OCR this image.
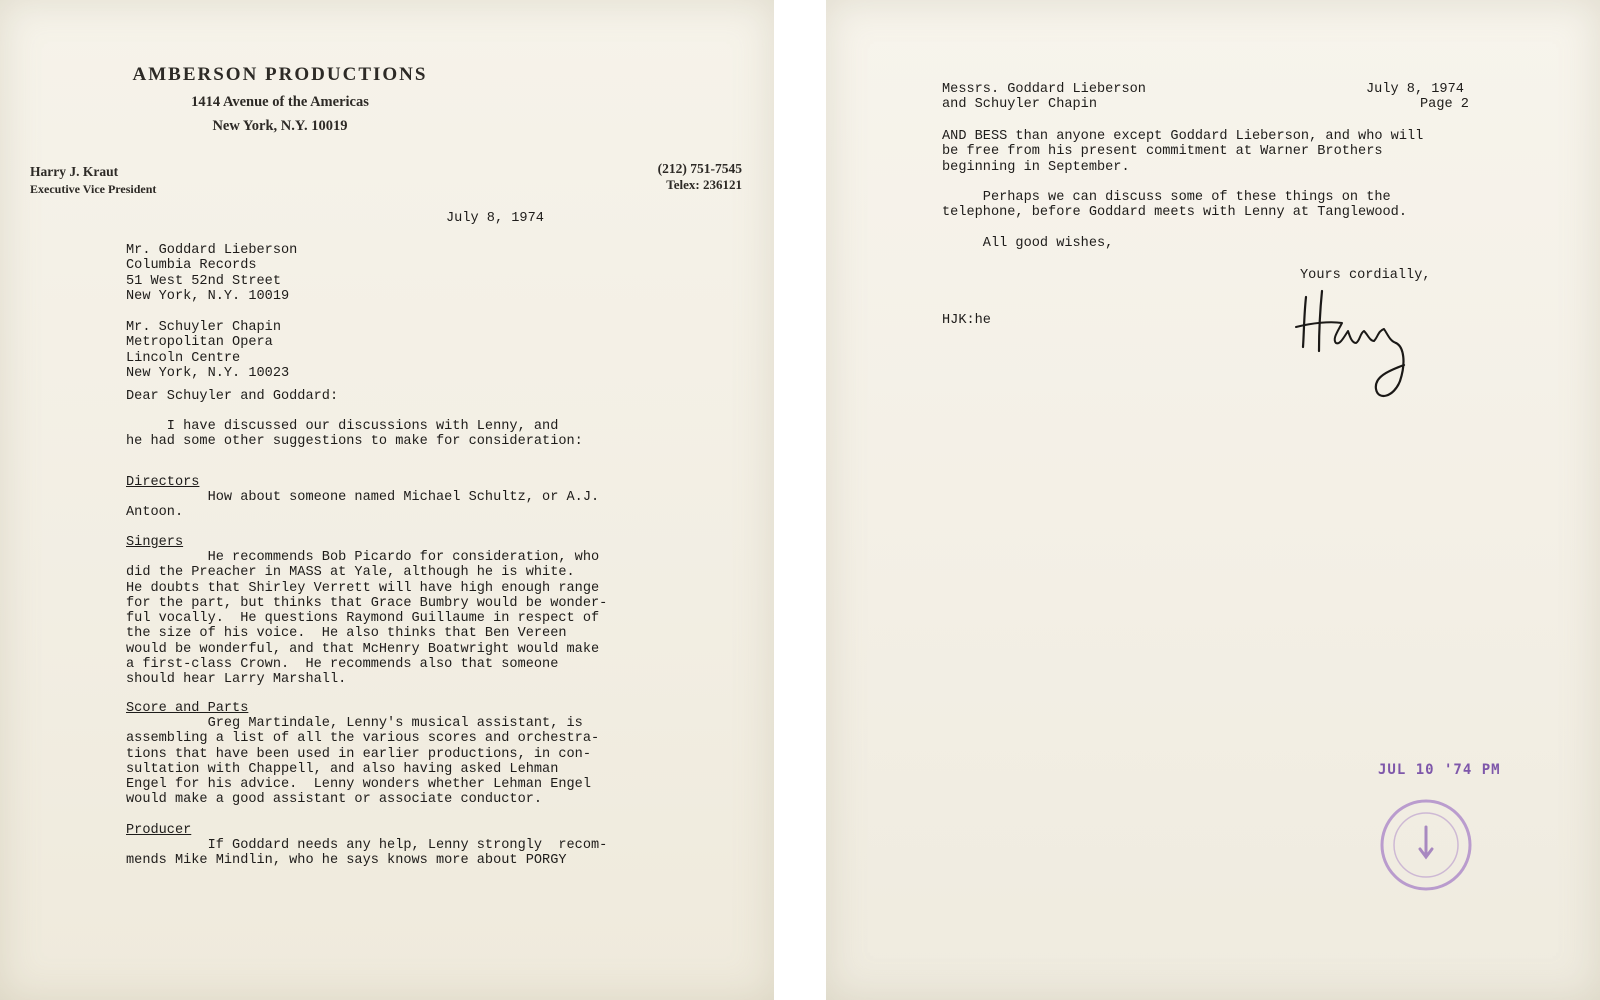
AMBERSON PRODUCTIONS
1414 Avenue of the Americas
New York, N.Y. 10019
Harry J. Kraut
Executive Vice President
(212) 751-7545
Telex: 236121
July 8, 1974
Mr. Goddard Lieberson
Columbia Records
51 West 52nd Street
New York, N.Y. 10019
Mr. Schuyler Chapin
Metropolitan Opera
Lincoln Centre
New York, N.Y. 10023
Dear Schuyler and Goddard:
I have discussed our discussions with Lenny, and
he had some other suggestions to make for consideration:
Directors
How about someone named Michael Schultz, or A.J.
Antoon.
Singers
He recommends Bob Picardo for consideration, who
did the Preacher in MASS at Yale, although he is white.
He doubts that Shirley Verrett will have high enough range
for the part, but thinks that Grace Bumbry would be wonder-
ful vocally.  He questions Raymond Guillaume in respect of
the size of his voice.  He also thinks that Ben Vereen
would be wonderful, and that McHenry Boatwright would make
a first-class Crown.  He recommends also that someone
should hear Larry Marshall.
Score and Parts
Greg Martindale, Lenny's musical assistant, is
assembling a list of all the various scores and orchestra-
tions that have been used in earlier productions, in con-
sultation with Chappell, and also having asked Lehman
Engel for his advice.  Lenny wonders whether Lehman Engel
would make a good assistant or associate conductor.
Producer
If Goddard needs any help, Lenny strongly  recom-
mends Mike Mindlin, who he says knows more about PORGY
Messrs. Goddard Lieberson
and Schuyler Chapin
July 8, 1974
Page 2
AND BESS than anyone except Goddard Lieberson, and who will
be free from his present commitment at Warner Brothers
beginning in September.
Perhaps we can discuss some of these things on the
telephone, before Goddard meets with Lenny at Tanglewood.
All good wishes,
Yours cordially,
HJK:he
JUL 10 '74 PM
